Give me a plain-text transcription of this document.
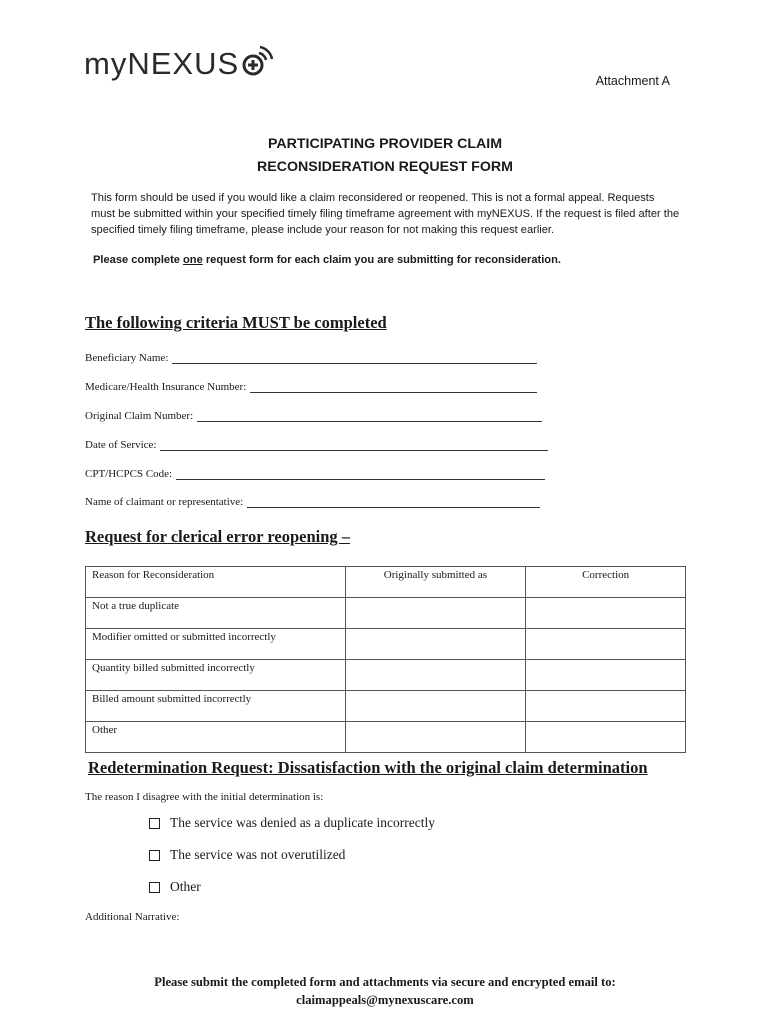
myNEXUS	Attachment A
PARTICIPATING PROVIDER CLAIM
RECONSIDERATION REQUEST FORM
This form should be used if you would like a claim reconsidered or reopened. This is not a formal appeal. Requests must be submitted within your specified timely filing timeframe agreement with myNEXUS. If the request is filed after the specified timely filing timeframe, please include your reason for not making this request earlier.
Please complete one request form for each claim you are submitting for reconsideration.
The following criteria MUST be completed
Beneficiary Name:
Medicare/Health Insurance Number:
Original Claim Number:
Date of Service:
CPT/HCPCS Code:
Name of claimant or representative:
Request for clerical error reopening –
Reason for Reconsideration	Originally submitted as	Correction
Not a true duplicate		
Modifier omitted or submitted incorrectly		
Quantity billed submitted incorrectly		
Billed amount submitted incorrectly		
Other		
Redetermination Request: Dissatisfaction with the original claim determination
The reason I disagree with the initial determination is:
The service was denied as a duplicate incorrectly
The service was not overutilized
Other
Additional Narrative:
Please submit the completed form and attachments via secure and encrypted email to:
claimappeals@mynexuscare.com
